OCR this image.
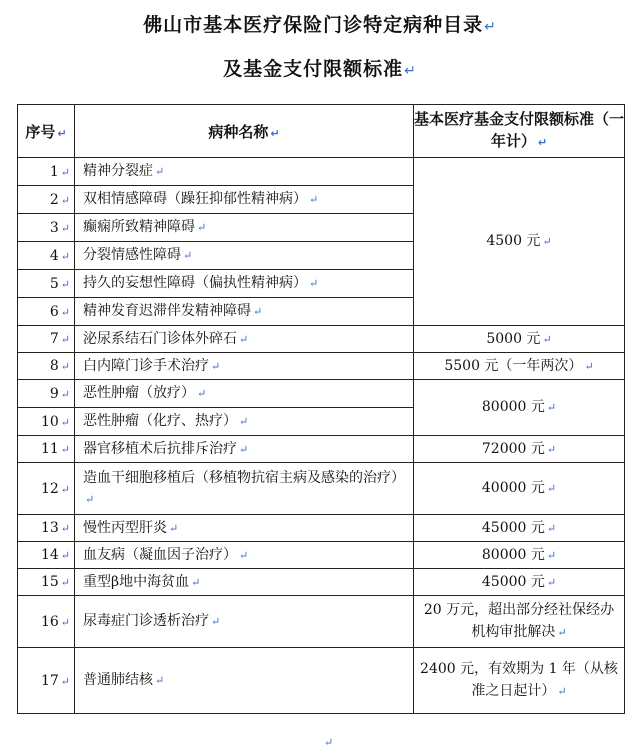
佛山市基本医疗保险门诊特定病种目录↵
及基金支付限额标准↵
序号 ↵	病种名称 ↵	基本医疗基金支付限额标准（一年计） ↵
1 ↵	精神分裂症 ↵	4500 元 ↵
2 ↵	双相情感障碍（躁狂抑郁性精神病） ↵	
3 ↵	癫痫所致精神障碍 ↵	
4 ↵	分裂情感性障碍 ↵	
5 ↵	持久的妄想性障碍（偏执性精神病） ↵	
6 ↵	精神发育迟滞伴发精神障碍 ↵	
7 ↵	泌尿系结石门诊体外碎石 ↵	5000 元 ↵
8 ↵	白内障门诊手术治疗 ↵	5500 元（一年两次） ↵
9 ↵	恶性肿瘤（放疗） ↵	80000 元 ↵
10 ↵	恶性肿瘤（化疗、热疗） ↵	
11 ↵	器官移植术后抗排斥治疗 ↵	72000 元 ↵
12 ↵	造血干细胞移植后（移植物抗宿主病及感染的治疗）↵	40000 元 ↵
13 ↵	慢性丙型肝炎 ↵	45000 元 ↵
14 ↵	血友病（凝血因子治疗） ↵	80000 元 ↵
15 ↵	重型β地中海贫血 ↵	45000 元 ↵
16 ↵	尿毒症门诊透析治疗 ↵	20 万元，超出部分经社保经办机构审批解决 ↵
17 ↵	普通肺结核 ↵	2400 元，有效期为 1 年（从核准之日起计） ↵
↵
